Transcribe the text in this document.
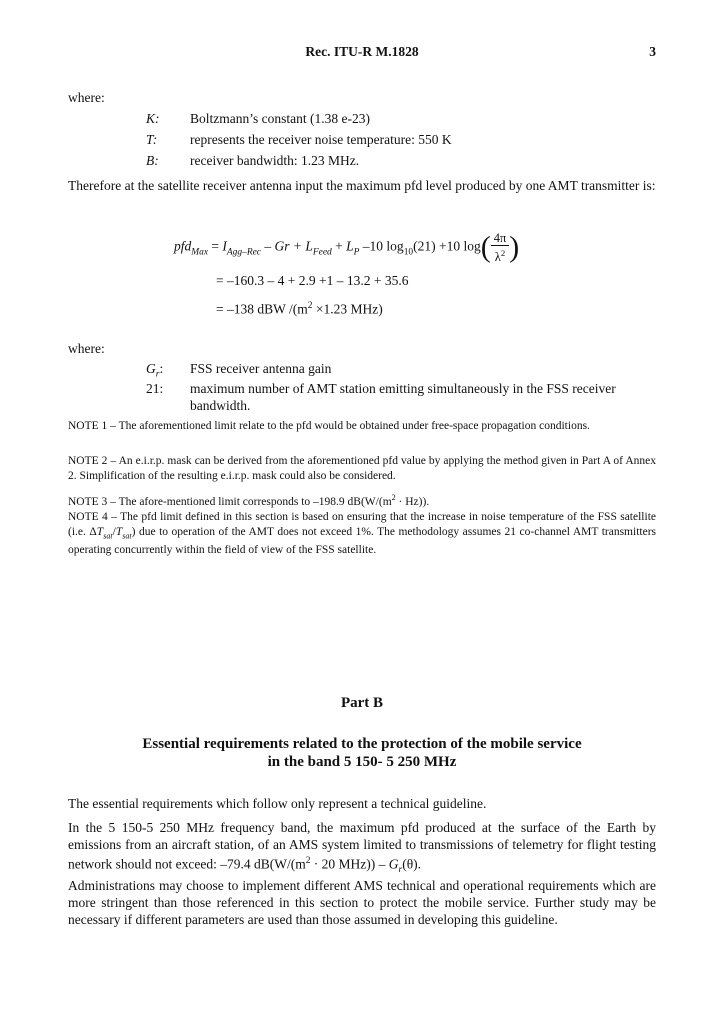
Rec. ITU-R M.1828	3
where:
K:	Boltzmann’s constant (1.38 e-23)
T:	represents the receiver noise temperature: 550 K
B:	receiver bandwidth: 1.23 MHz.
Therefore at the satellite receiver antenna input the maximum pfd level produced by one AMT transmitter is:
$pfd_{Max} = I_{Agg-Rec} - Gr + L_{Feed} + L_P$ –10 $\log_{10}(21) +10$ $\log( \frac{4\pi}{\lambda^2}$ )
= –160.3 – 4 + 2.9 +1 – 13.2 + 35.6
= –138 dBW $/(m^2 \times 1.23$ MHz)
where:
$G_r$:	FSS receiver antenna gain
21:	maximum number of AMT station emitting simultaneously in the FSS receiver bandwidth.
NOTE 1 – The aforementioned limit relate to the pfd would be obtained under free-space propagation conditions.
NOTE 2 – An e.i.r.p. mask can be derived from the aforementioned pfd value by applying the method given in Part A of Annex 2. Simplification of the resulting e.i.r.p. mask could also be considered.
NOTE 3 – The afore-mentioned limit corresponds to –198.9 $dB(W/(m^2 \cdot Hz))$.
NOTE 4 – The pfd limit defined in this section is based on ensuring that the increase in noise temperature of the FSS satellite (i.e. $\Delta T_{sat}/T_{sat}$) due to operation of the AMT does not exceed 1%. The methodology assumes 21 co-channel AMT transmitters operating concurrently within the field of view of the FSS satellite.
Part B
Essential requirements related to the protection of the mobile service
in the band 5 150- 5 250 MHz
The essential requirements which follow only represent a technical guideline.
In the 5 150-5 250 MHz frequency band, the maximum pfd produced at the surface of the Earth by emissions from an aircraft station, of an AMS system limited to transmissions of telemetry for flight testing network should not exceed: –79.4 $dB(W/(m^2 \cdot 20$ $MHz)) - G_r(\theta)$.
Administrations may choose to implement different AMS technical and operational requirements which are more stringent than those referenced in this section to protect the mobile service. Further study may be necessary if different parameters are used than those assumed in developing this guideline.
